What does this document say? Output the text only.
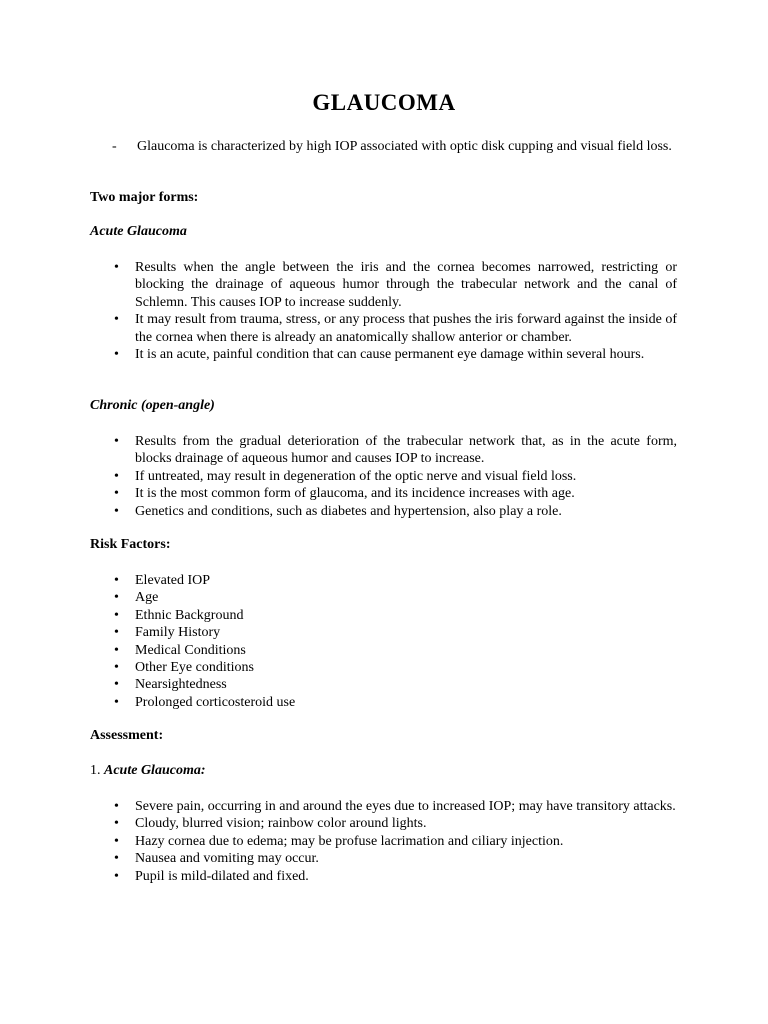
GLAUCOMA
- Glaucoma is characterized by high IOP associated with optic disk cupping and visual field loss.
Two major forms:
Acute Glaucoma
• Results when the angle between the iris and the cornea becomes narrowed, restricting or blocking the drainage of aqueous humor through the trabecular network and the canal of Schlemn. This causes IOP to increase suddenly.
• It may result from trauma, stress, or any process that pushes the iris forward against the inside of the cornea when there is already an anatomically shallow anterior or chamber.
• It is an acute, painful condition that can cause permanent eye damage within several hours.
Chronic (open-angle)
• Results from the gradual deterioration of the trabecular network that, as in the acute form, blocks drainage of aqueous humor and causes IOP to increase.
• If untreated, may result in degeneration of the optic nerve and visual field loss.
• It is the most common form of glaucoma, and its incidence increases with age.
• Genetics and conditions, such as diabetes and hypertension, also play a role.
Risk Factors:
• Elevated IOP
• Age
• Ethnic Background
• Family History
• Medical Conditions
• Other Eye conditions
• Nearsightedness
• Prolonged corticosteroid use
Assessment:
1. Acute Glaucoma:
• Severe pain, occurring in and around the eyes due to increased IOP; may have transitory attacks.
• Cloudy, blurred vision; rainbow color around lights.
• Hazy cornea due to edema; may be profuse lacrimation and ciliary injection.
• Nausea and vomiting may occur.
• Pupil is mild-dilated and fixed.
